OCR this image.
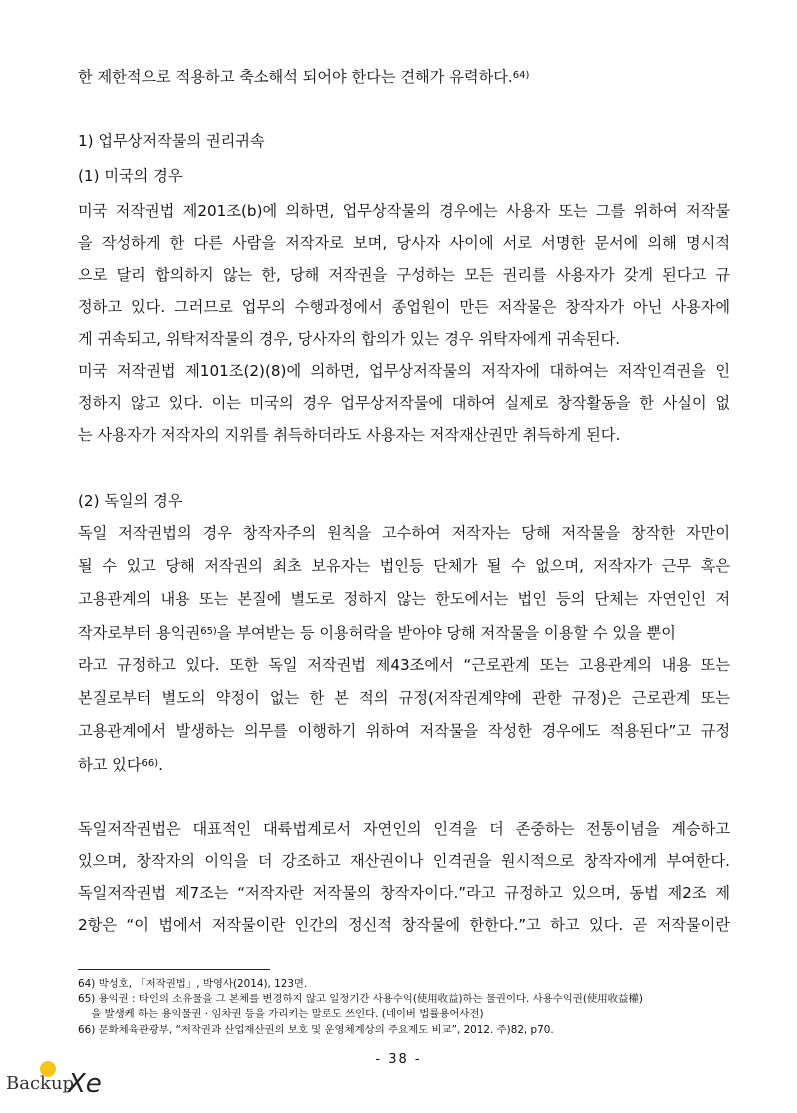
한 제한적으로 적용하고 축소해석 되어야 한다는 견해가 유력하다.$^{64)}$
1) 업무상저작물의 권리귀속
(1) 미국의 경우
미국 저작권법 제201조(b)에 의하면, 업무상작물의 경우에는 사용자 또는 그를 위하여 저작물
을 작성하게 한 다른 사람을 저작자로 보며, 당사자 사이에 서로 서명한 문서에 의해 명시적
으로 달리 합의하지 않는 한, 당해 저작권을 구성하는 모든 권리를 사용자가 갖게 된다고 규
정하고 있다. 그러므로 업무의 수행과정에서 종업원이 만든 저작물은 창작자가 아닌 사용자에
게 귀속되고, 위탁저작물의 경우, 당사자의 합의가 있는 경우 위탁자에게 귀속된다.
미국 저작권법 제101조(2)(8)에 의하면, 업무상저작물의 저작자에 대하여는 저작인격권을 인
정하지 않고 있다. 이는 미국의 경우 업무상저작물에 대하여 실제로 창작활동을 한 사실이 없
는 사용자가 저작자의 지위를 취득하더라도 사용자는 저작재산권만 취득하게 된다.
(2) 독일의 경우
독일 저작권법의 경우 창작자주의 원칙을 고수하여 저작자는 당해 저작물을 창작한 자만이
될 수 있고 당해 저작권의 최초 보유자는 법인등 단체가 될 수 없으며, 저작자가 근무 혹은
고용관계의 내용 또는 본질에 별도로 정하지 않는 한도에서는 법인 등의 단체는 자연인인 저
작자로부터 용익권$^{65)}$을 부여받는 등 이용허락을 받아야 당해 저작물을 이용할 수 있을 뿐이
라고 규정하고 있다. 또한 독일 저작권법 제43조에서 “근로관계 또는 고용관계의 내용 또는
본질로부터 별도의 약정이 없는 한 본 적의 규정(저작권계약에 관한 규정)은 근로관계 또는
고용관계에서 발생하는 의무를 이행하기 위하여 저작물을 작성한 경우에도 적용된다”고 규정
하고 있다$^{66)}$.
독일저작권법은 대표적인 대륙법계로서 자연인의 인격을 더 존중하는 전통이념을 계승하고
있으며, 창작자의 이익을 더 강조하고 재산권이나 인격권을 원시적으로 창작자에게 부여한다.
독일저작권법 제7조는 “저작자란 저작물의 창작자이다.”라고 규정하고 있으며, 동법 제2조 제
2항은 “이 법에서 저작물이란 인간의 정신적 창작물에 한한다.”고 하고 있다. 곧 저작물이란
64) 박성호, 「저작권법」, 박영사(2014), 123면.
65) 용익권 : 타인의 소유물을 그 본체를 변경하지 않고 일정기간 사용수익(使用收益)하는 물권이다. 사용수익권(使用收益權)
을 발생케 하는 용익물권 · 임차권 등을 가리키는 말로도 쓰인다. (네이버 법률용어사전)
66) 문화체육관광부, “저작권과 산업재산권의 보호 및 운영체계상의 주요제도 비교”, 2012. 주)82, p70.
- 38 -
Backup
Xe
